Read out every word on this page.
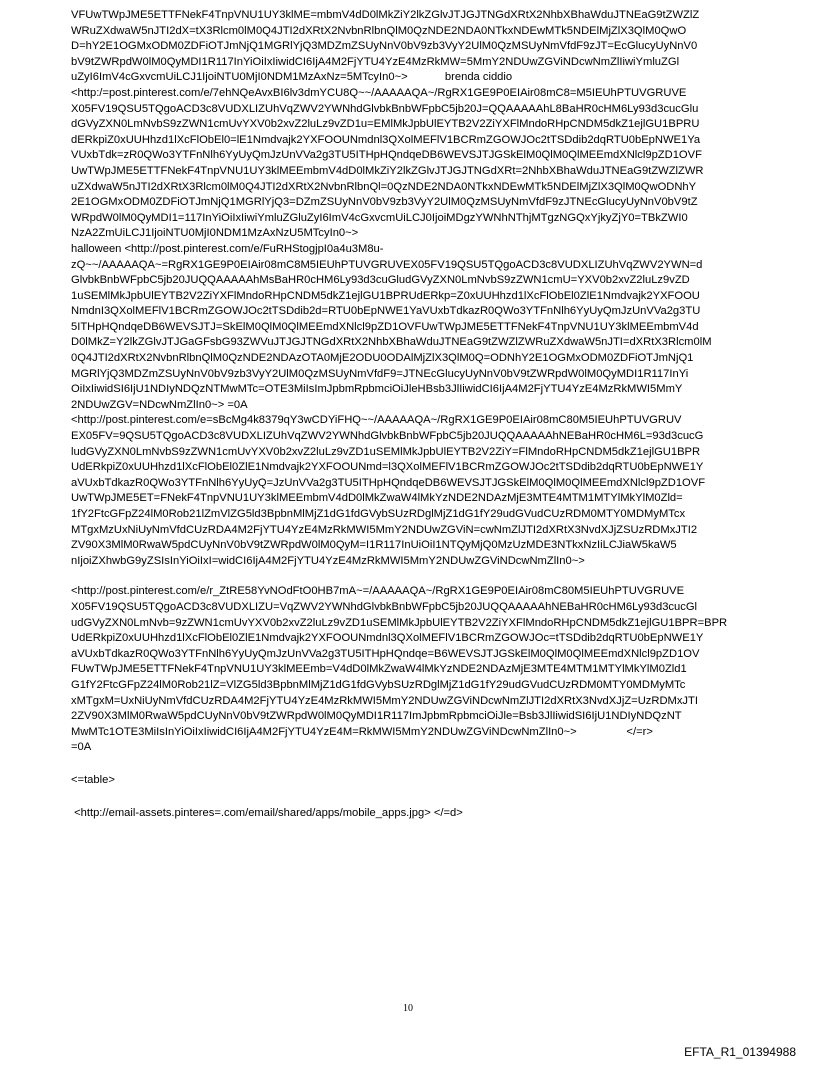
VFUwTWpJME5ETTFNekF4TnpVNU1UY3klME=mbmV4dD0lMkZiY2lkZGlvJTJGJTNGdXRtX2NhbXBhaWduJTNEaG9tZWZlZ

WRuZXdwaW5nJTI2dX=tX3Rlcm0lM0Q4JTI2dXRtX2NvbnRlbnQlM0QzNDE2NDA0NTkxNDEwMTk5NDElMjZlX3QlM0QwO

D=hY2E1OGMxODM0ZDFiOTJmNjQ1MGRlYjQ3MDZmZSUyNnV0bV9zb3VyY2UlM0QzMSUyNmVfdF9zJT=EcGlucyUyNnV0

bV9tZWRpdW0lM0QyMDI1R117InYiOiIxIiwidCI6IjA4M2FjYTU4YzE4MzRkMW=5MmY2NDUwZGViNDcwNmZlIiwiYmluZGl

uZyI6ImV4cGxvcmUiLCJ1IjoiNTU0MjI0NDM1MzAxNz=5MTcyIn0~>            brenda ciddio

<http:/=post.pinterest.com/e/7ehNQeAvxBI6lv3dmYCU8Q~~/AAAAAQA~/RgRX1GE9P0EIAir08mC8=M5IEUhPTUVGRUVE

X05FV19QSU5TQgoACD3c8VUDXLIZUhVqZWV2YWNhdGlvbkBnbWFpbC5jb20J=QQAAAAAhL8BaHR0cHM6Ly93d3cucGlu

dGVyZXN0LmNvbS9zZWN1cmUvYXV0b2xvZ2luLz9vZD1u=EMlMkJpbUlEYTB2V2ZiYXFlMndoRHpCNDM5dkZ1ejlGU1BPRU

dERkpiZ0xUUHhzd1lXcFlObEl0=lE1Nmdvajk2YXFOOUNmdnl3QXolMEFlV1BCRmZGOWJOc2tTSDdib2dqRTU0bEpNWE1Ya

VUxbTdk=zR0QWo3YTFnNlh6YyUyQmJzUnVVa2g3TU5ITHpHQndqeDB6WEVSJTJGSkElM0QlM0QlMEEmdXNlcl9pZD1OVF

UwTWpJME5ETTFNekF4TnpVNU1UY3klMEEmbmV4dD0lMkZiY2lkZGlvJTJGJTNGdXRt=2NhbXBhaWduJTNEaG9tZWZlZWR

uZXdwaW5nJTI2dXRtX3Rlcm0lM0Q4JTI2dXRtX2NvbnRlbnQl=0QzNDE2NDA0NTkxNDEwMTk5NDElMjZlX3QlM0QwODNhY

2E1OGMxODM0ZDFiOTJmNjQ1MGRlYjQ3=DZmZSUyNnV0bV9zb3VyY2UlM0QzMSUyNmVfdF9zJTNEcGlucyUyNnV0bV9tZ

WRpdW0lM0QyMDI1=117InYiOiIxIiwiYmluZGluZyI6ImV4cGxvcmUiLCJ0IjoiMDgzYWNhNThjMTgzNGQxYjkyZjY0=TBkZWI0

NzA2ZmUiLCJ1IjoiNTU0MjI0NDM1MzAxNzU5MTcyIn0~>

halloween <http://post.pinterest.com/e/FuRHStogjpI0a4u3M8u-

zQ~~/AAAAAQA~=RgRX1GE9P0EIAir08mC8M5IEUhPTUVGRUVEX05FV19QSU5TQgoACD3c8VUDXLIZUhVqZWV2YWN=d

GlvbkBnbWFpbC5jb20JUQQAAAAAhMsBaHR0cHM6Ly93d3cuGludGVyZXN0LmNvbS9zZWN1cmU=YXV0b2xvZ2luLz9vZD

1uSEMlMkJpbUlEYTB2V2ZiYXFlMndoRHpCNDM5dkZ1ejlGU1BPRUdERkp=Z0xUUHhzd1lXcFlObEl0ZlE1Nmdvajk2YXFOOU

NmdnI3QXolMEFlV1BCRmZGOWJOc2tTSDdib2d=RTU0bEpNWE1YaVUxbTdkazR0QWo3YTFnNlh6YyUyQmJzUnVVa2g3TU

5ITHpHQndqeDB6WEVSJTJ=SkElM0QlM0QlMEEmdXNlcl9pZD1OVFUwTWpJME5ETTFNekF4TnpVNU1UY3klMEEmbmV4d

D0lMkZ=Y2lkZGlvJTJGaGFsbG93ZWVuJTJGJTNGdXRtX2NhbXBhaWduJTNEaG9tZWZlZWRuZXdwaW5nJTI=dXRtX3Rlcm0lM

0Q4JTI2dXRtX2NvbnRlbnQlM0QzNDE2NDAzOTA0MjE2ODU0ODAlMjZlX3QlM0Q=ODNhY2E1OGMxODM0ZDFiOTJmNjQ1

MGRlYjQ3MDZmZSUyNnV0bV9zb3VyY2UlM0QzMSUyNmVfdF9=JTNEcGlucyUyNnV0bV9tZWRpdW0lM0QyMDI1R117InYi

OiIxIiwidSI6IjU1NDIyNDQzNTMwMTc=OTE3MiIsImJpbmRpbmciOiJleHBsb3JlIiwidCI6IjA4M2FjYTU4YzE4MzRkMWI5MmY

2NDUwZGV=NDcwNmZlIn0~> =0A

<http://post.pinterest.com/e=sBcMg4k8379qY3wCDYiFHQ~~/AAAAAQA~/RgRX1GE9P0EIAir08mC80M5IEUhPTUVGRUV

EX05FV=9QSU5TQgoACD3c8VUDXLIZUhVqZWV2YWNhdGlvbkBnbWFpbC5jb20JUQQAAAAAhNEBaHR0cHM6L=93d3cucG

ludGVyZXN0LmNvbS9zZWN1cmUvYXV0b2xvZ2luLz9vZD1uSEMlMkJpbUlEYTB2V2ZiY=FlMndoRHpCNDM5dkZ1ejlGU1BPR

UdERkpiZ0xUUHhzd1lXcFlObEl0ZlE1Nmdvajk2YXFOOUNmd=l3QXolMEFlV1BCRmZGOWJOc2tTSDdib2dqRTU0bEpNWE1Y

aVUxbTdkazR0QWo3YTFnNlh6YyUyQ=JzUnVVa2g3TU5ITHpHQndqeDB6WEVSJTJGSkElM0QlM0QlMEEmdXNlcl9pZD1OVF

UwTWpJME5ET=FNekF4TnpVNU1UY3klMEEmbmV4dD0lMkZwaW4lMkYzNDE2NDAzMjE3MTE4MTM1MTYlMkYlM0Zld=

1fY2FtcGFpZ24lM0Rob21lZmVlZG5ld3BpbnMlMjZ1dG1fdGVybSUzRDglMjZ1dG1fY29udGVudCUzRDM0MTY0MDMyMTcx

MTgxMzUxNiUyNmVfdCUzRDA4M2FjYTU4YzE4MzRkMWI5MmY2NDUwZGViN=cwNmZlJTI2dXRtX3NvdXJjZSUzRDMxJTI2

ZV90X3MlM0RwaW5pdCUyNnV0bV9tZWRpdW0lM0QyM=I1R117InUiOiI1NTQyMjQ0MzUzMDE3NTkxNzIiLCJiaW5kaW5

nIjoiZXhwbG9yZSIsInYiOiIxI=widCI6IjA4M2FjYTU4YzE4MzRkMWI5MmY2NDUwZGViNDcwNmZlIn0~>

<http://post.pinterest.com/e/r_ZtRE58YvNOdFtO0HB7mA~=/AAAAAQA~/RgRX1GE9P0EIAir08mC80M5IEUhPTUVGRUVE

X05FV19QSU5TQgoACD3c8VUDXLIZU=VqZWV2YWNhdGlvbkBnbWFpbC5jb20JUQQAAAAAhNEBaHR0cHM6Ly93d3cucGl

udGVyZXN0LmNvb=9zZWN1cmUvYXV0b2xvZ2luLz9vZD1uSEMlMkJpbUlEYTB2V2ZiYXFlMndoRHpCNDM5dkZ1ejlGU1BPR=BPR

UdERkpiZ0xUUHhzd1lXcFlObEl0ZlE1Nmdvajk2YXFOOUNmdnl3QXolMEFlV1BCRmZGOWJOc=tTSDdib2dqRTU0bEpNWE1Y

aVUxbTdkazR0QWo3YTFnNlh6YyUyQmJzUnVVa2g3TU5ITHpHQndqe=B6WEVSJTJGSkElM0QlM0QlMEEmdXNlcl9pZD1OV

FUwTWpJME5ETTFNekF4TnpVNU1UY3klMEEmb=V4dD0lMkZwaW4lMkYzNDE2NDAzMjE3MTE4MTM1MTYlMkYlM0Zld1

G1fY2FtcGFpZ24lM0Rob21lZ=VlZG5ld3BpbnMlMjZ1dG1fdGVybSUzRDglMjZ1dG1fY29udGVudCUzRDM0MTY0MDMyMTc

xMTgxM=UxNiUyNmVfdCUzRDA4M2FjYTU4YzE4MzRkMWI5MmY2NDUwZGViNDcwNmZlJTI2dXRtX3NvdXJjZ=UzRDMxJTI

2ZV90X3MlM0RwaW5pdCUyNnV0bV9tZWRpdW0lM0QyMDI1R117ImJpbmRpbmciOiJle=Bsb3JlIiwidSI6IjU1NDIyNDQzNT

MwMTc1OTE3MiIsInYiOiIxIiwidCI6IjA4M2FjYTU4YzE4M=RkMWI5MmY2NDUwZGViNDcwNmZlIn0~>                </=r>

=0A

<=table>

<http://email-assets.pinteres=.com/email/shared/apps/mobile_apps.jpg> </=d>

10
EFTA_R1_01394988
